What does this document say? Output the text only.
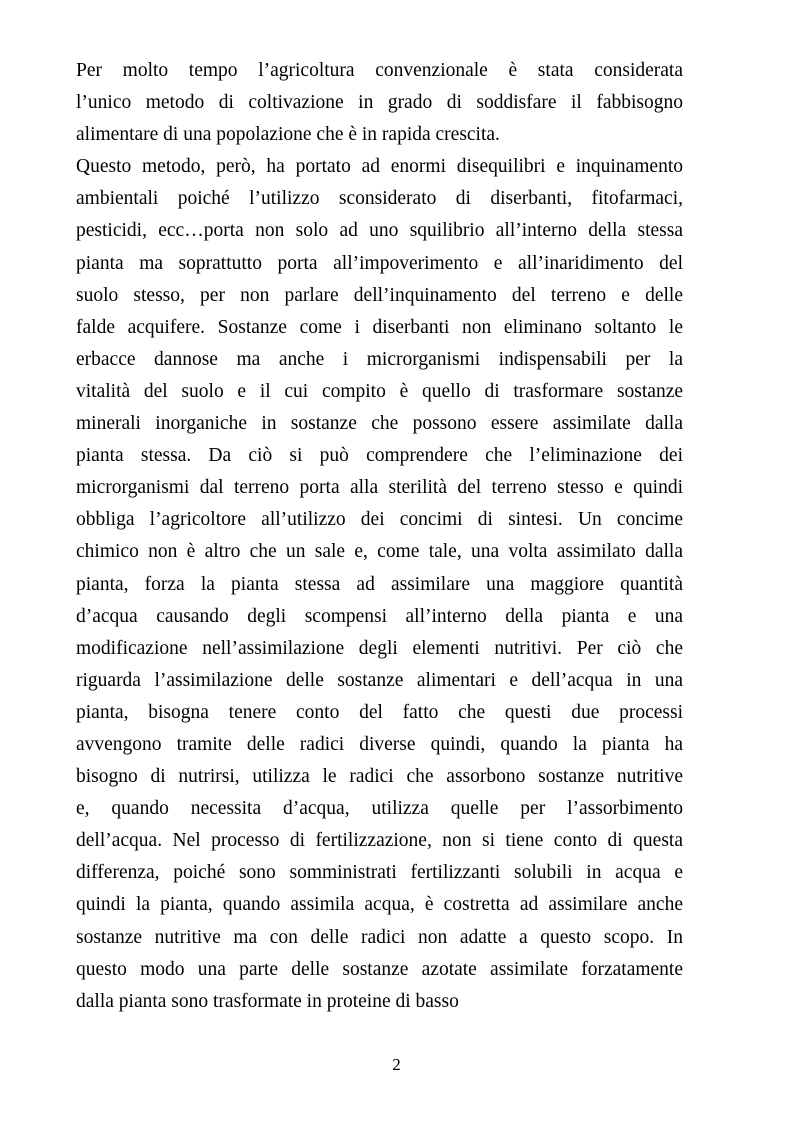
Per molto tempo l’agricoltura convenzionale è stata considerata
l’unico metodo di coltivazione in grado di soddisfare il fabbisogno
alimentare di una popolazione che è in rapida crescita.
Questo metodo, però, ha portato ad enormi disequilibri e inquinamento
ambientali poiché l’utilizzo sconsiderato di diserbanti, fitofarmaci,
pesticidi, ecc…porta non solo ad uno squilibrio all’interno della stessa
pianta ma soprattutto porta all’impoverimento e all’inaridimento del
suolo stesso, per non parlare dell’inquinamento del terreno e delle
falde acquifere. Sostanze come i diserbanti non eliminano soltanto le
erbacce dannose ma anche i microrganismi indispensabili per la
vitalità del suolo e il cui compito è quello di trasformare sostanze
minerali inorganiche in sostanze che possono essere assimilate dalla
pianta stessa. Da ciò si può comprendere che l’eliminazione dei
microrganismi dal terreno porta alla sterilità del terreno stesso e quindi
obbliga l’agricoltore all’utilizzo dei concimi di sintesi. Un concime
chimico non è altro che un sale e, come tale, una volta assimilato dalla
pianta, forza la pianta stessa ad assimilare una maggiore quantità
d’acqua causando degli scompensi all’interno della pianta e una
modificazione nell’assimilazione degli elementi nutritivi. Per ciò che
riguarda l’assimilazione delle sostanze alimentari e dell’acqua in una
pianta, bisogna tenere conto del fatto che questi due processi
avvengono tramite delle radici diverse quindi, quando la pianta ha
bisogno di nutrirsi, utilizza le radici che assorbono sostanze nutritive
e, quando necessita d’acqua, utilizza quelle per l’assorbimento
dell’acqua. Nel processo di fertilizzazione, non si tiene conto di questa
differenza, poiché sono somministrati fertilizzanti solubili in acqua e
quindi la pianta, quando assimila acqua, è costretta ad assimilare anche
sostanze nutritive ma con delle radici non adatte a questo scopo. In
questo modo una parte delle sostanze azotate assimilate forzatamente
dalla pianta sono trasformate in proteine di basso
2
